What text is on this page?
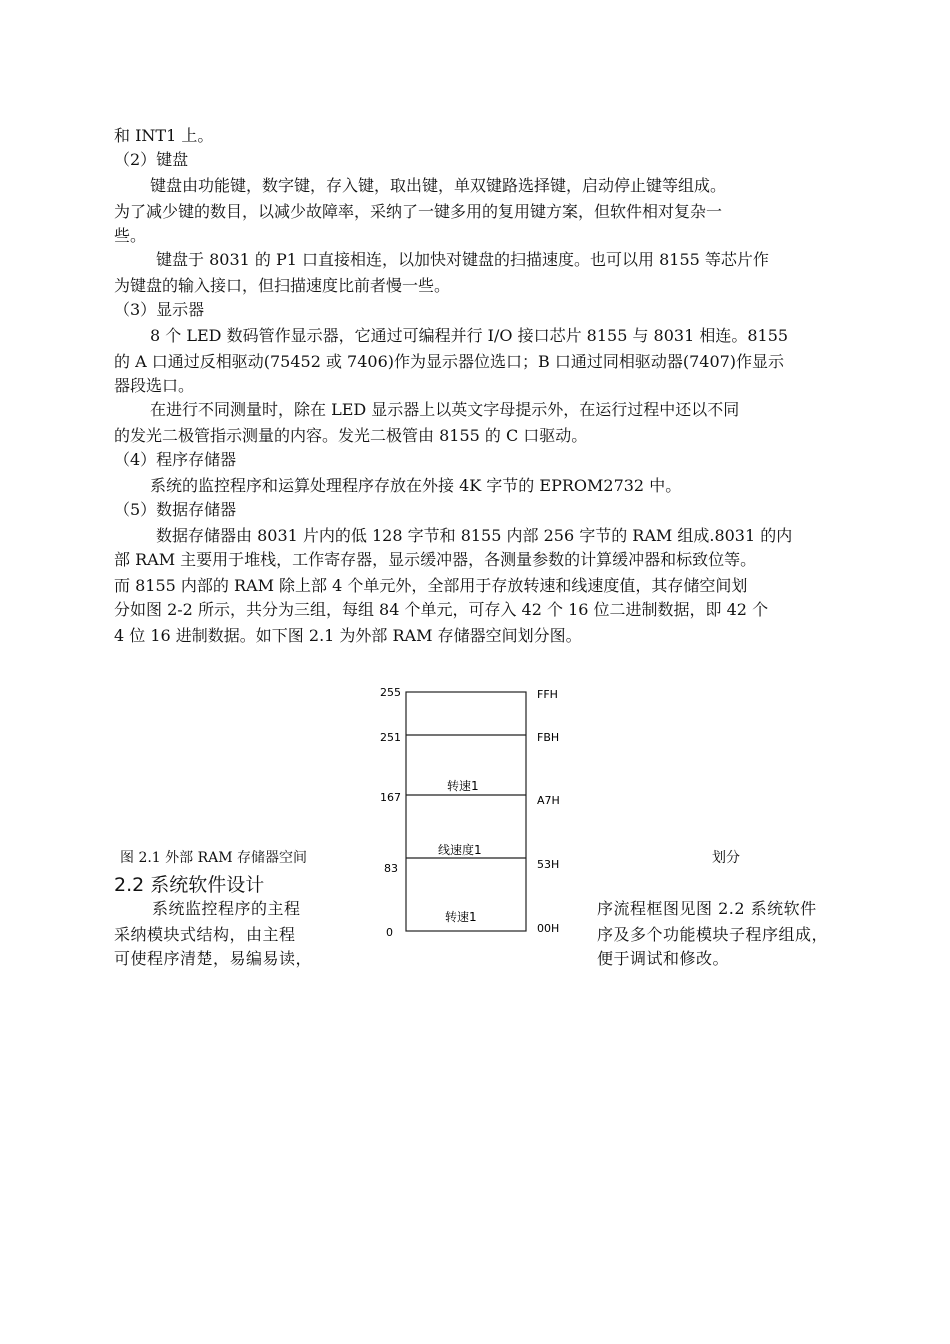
和 INT1 上。
（2）键盘
键盘由功能键，数字键，存入键，取出键，单双键路选择键，启动停止键等组成。
为了减少键的数目，以减少故障率，采纳了一键多用的复用键方案，但软件相对复杂一
些。
键盘于 8031 的 P1 口直接相连，以加快对键盘的扫描速度。也可以用 8155 等芯片作
为键盘的输入接口，但扫描速度比前者慢一些。
（3）显示器
8 个 LED 数码管作显示器，它通过可编程并行 I/O 接口芯片 8155 与 8031 相连。8155
的 A 口通过反相驱动(75452 或 7406)作为显示器位选口；B 口通过同相驱动器(7407)作显示
器段选口。
在进行不同测量时，除在 LED 显示器上以英文字母提示外，在运行过程中还以不同
的发光二极管指示测量的内容。发光二极管由 8155 的 C 口驱动。
（4）程序存储器
系统的监控程序和运算处理程序存放在外接 4K 字节的 EPROM2732 中。
（5）数据存储器
数据存储器由 8031 片内的低 128 字节和 8155 内部 256 字节的 RAM 组成.8031 的内
部 RAM 主要用于堆栈，工作寄存器，显示缓冲器，各测量参数的计算缓冲器和标致位等。
而 8155 内部的 RAM 除上部 4 个单元外，全部用于存放转速和线速度值，其存储空间划
分如图 2-2 所示，共分为三组，每组 84 个单元，可存入 42 个 16 位二进制数据，即 42 个
4 位 16 进制数据。如下图 2.1 为外部 RAM 存储器空间划分图。
255
251
167
83
0
FFH
FBH
A7H
53H
00H
转速1
线速度1
转速1
图 2.1 外部 RAM 存储器空间	划分
2.2 系统软件设计
系统监控程序的主程
采纳模块式结构，由主程
可使程序清楚，易编易读，
序流程框图见图 2.2 系统软件
序及多个功能模块子程序组成，
便于调试和修改。
